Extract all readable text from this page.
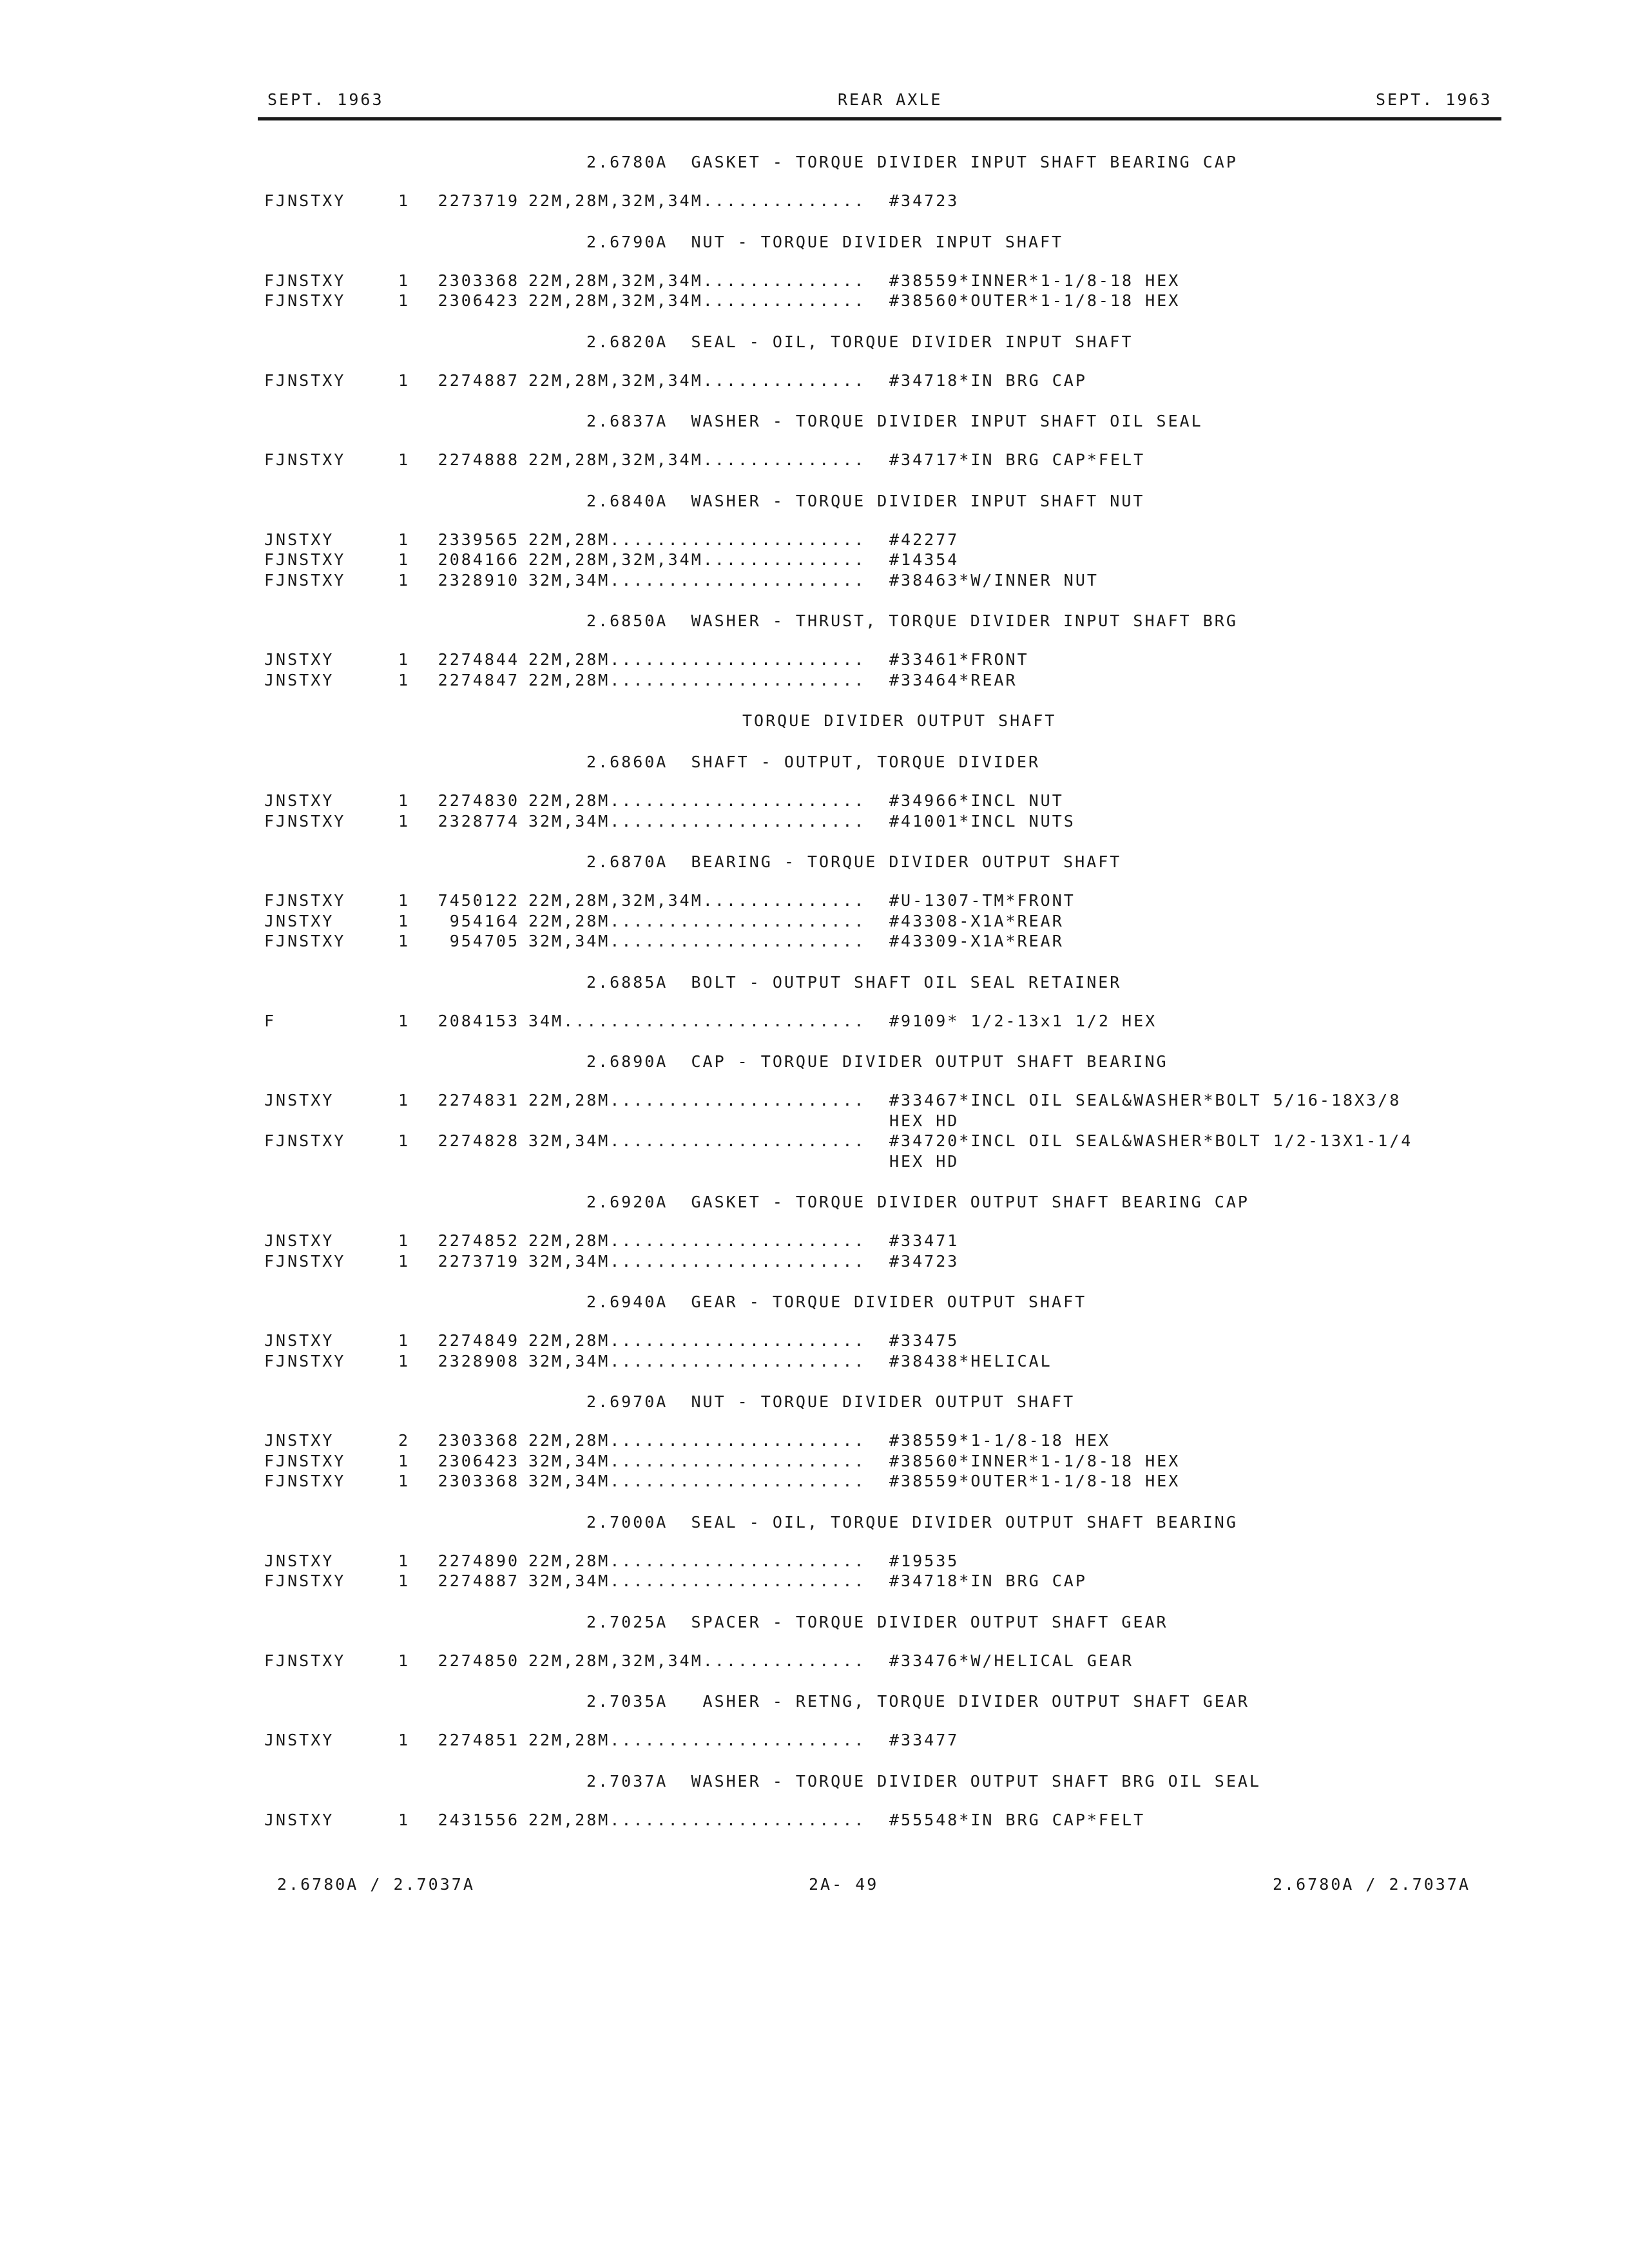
SEPT. 1963	REAR AXLE	SEPT. 1963
2.6780A  GASKET - TORQUE DIVIDER INPUT SHAFT BEARING CAP
FJNSTXY	1	2273719 22M,28M,32M,34M..............	#34723
2.6790A  NUT - TORQUE DIVIDER INPUT SHAFT
FJNSTXY	1	2303368 22M,28M,32M,34M..............	#38559*INNER*1-1/8-18 HEX
FJNSTXY	1	2306423 22M,28M,32M,34M..............	#38560*OUTER*1-1/8-18 HEX
2.6820A  SEAL - OIL, TORQUE DIVIDER INPUT SHAFT
FJNSTXY	1	2274887 22M,28M,32M,34M..............	#34718*IN BRG CAP
2.6837A  WASHER - TORQUE DIVIDER INPUT SHAFT OIL SEAL
FJNSTXY	1	2274888 22M,28M,32M,34M..............	#34717*IN BRG CAP*FELT
2.6840A  WASHER - TORQUE DIVIDER INPUT SHAFT NUT
JNSTXY	1	2339565 22M,28M......................	#42277
FJNSTXY	1	2084166 22M,28M,32M,34M..............	#14354
FJNSTXY	1	2328910 32M,34M......................	#38463*W/INNER NUT
2.6850A  WASHER - THRUST, TORQUE DIVIDER INPUT SHAFT BRG
JNSTXY	1	2274844 22M,28M......................	#33461*FRONT
JNSTXY	1	2274847 22M,28M......................	#33464*REAR
TORQUE DIVIDER OUTPUT SHAFT
2.6860A  SHAFT - OUTPUT, TORQUE DIVIDER
JNSTXY	1	2274830 22M,28M......................	#34966*INCL NUT
FJNSTXY	1	2328774 32M,34M......................	#41001*INCL NUTS
2.6870A  BEARING - TORQUE DIVIDER OUTPUT SHAFT
FJNSTXY	1	7450122 22M,28M,32M,34M..............	#U-1307-TM*FRONT
JNSTXY	1	954164 22M,28M......................	#43308-X1A*REAR
FJNSTXY	1	954705 32M,34M......................	#43309-X1A*REAR
2.6885A  BOLT - OUTPUT SHAFT OIL SEAL RETAINER
F	1	2084153 34M..........................	#9109* 1/2-13x1 1/2 HEX
2.6890A  CAP - TORQUE DIVIDER OUTPUT SHAFT BEARING
JNSTXY	1	2274831 22M,28M......................	#33467*INCL OIL SEAL&WASHER*BOLT 5/16-18X3/8
HEX HD
FJNSTXY	1	2274828 32M,34M......................	#34720*INCL OIL SEAL&WASHER*BOLT 1/2-13X1-1/4
HEX HD
2.6920A  GASKET - TORQUE DIVIDER OUTPUT SHAFT BEARING CAP
JNSTXY	1	2274852 22M,28M......................	#33471
FJNSTXY	1	2273719 32M,34M......................	#34723
2.6940A  GEAR - TORQUE DIVIDER OUTPUT SHAFT
JNSTXY	1	2274849 22M,28M......................	#33475
FJNSTXY	1	2328908 32M,34M......................	#38438*HELICAL
2.6970A  NUT - TORQUE DIVIDER OUTPUT SHAFT
JNSTXY	2	2303368 22M,28M......................	#38559*1-1/8-18 HEX
FJNSTXY	1	2306423 32M,34M......................	#38560*INNER*1-1/8-18 HEX
FJNSTXY	1	2303368 32M,34M......................	#38559*OUTER*1-1/8-18 HEX
2.7000A  SEAL - OIL, TORQUE DIVIDER OUTPUT SHAFT BEARING
JNSTXY	1	2274890 22M,28M......................	#19535
FJNSTXY	1	2274887 32M,34M......................	#34718*IN BRG CAP
2.7025A  SPACER - TORQUE DIVIDER OUTPUT SHAFT GEAR
FJNSTXY	1	2274850 22M,28M,32M,34M..............	#33476*W/HELICAL GEAR
2.7035A   ASHER - RETNG, TORQUE DIVIDER OUTPUT SHAFT GEAR
JNSTXY	1	2274851 22M,28M......................	#33477
2.7037A  WASHER - TORQUE DIVIDER OUTPUT SHAFT BRG OIL SEAL
JNSTXY	1	2431556 22M,28M......................	#55548*IN BRG CAP*FELT
2.6780A / 2.7037A	2A- 49	2.6780A / 2.7037A
